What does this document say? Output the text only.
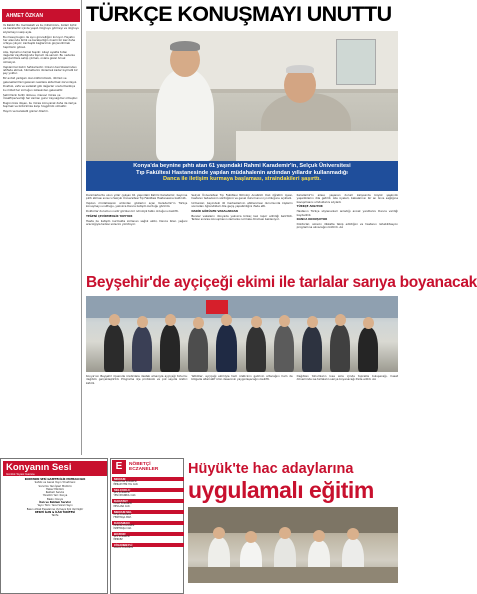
AHMET ÖZKAN

Ya Rabbi! Bu memleketi ve bu milleti koru, bizleri birlik ve beraberlik içinde yaşat. Doğruyu görmeyi ve doğruyu söylemeyi nasip eyle.

Bu mesaj bugün de aynı güncelliğini koruyor. Hayatın her alanında birlik ve beraberliğin önemi bir kez daha ortaya çıkıyor; kardeşlik bağlarımızı güçlendirmek hepimizin görevi.

Aile, toplumun temel taşıdır. Aileyi ayakta tutan değerler zayıfladığında toplum da sarsılır. Bu nedenle gençlerimize sahip çıkmalı, onlara güzel örnek olmalıyız.

Yaşlılarımız bizim hafızamızdır. Onların tecrübelerinden istifade etmek, hikmetlerini dinlemek kadar kıymetli bir şey yoktur.

Bir ecdat yadigarı olan kültürümüzü, dilimizi ve geleneklerimizi gelecek nesillere aktarmak zorundayız.

Dostluk, vefa ve sadakat gibi değerler unutulmadıkça bu millet her zorluğun üstesinden gelecektir.

Şehrimizin tarihi dokusu, manevi mirası ve misafirperverliği her zaman gurur kaynağımız olmuştur.

Bugün bize düşen, bu mirası koruyarak daha da ileriye taşımak ve birbirimize karşı hoşgörülü olmaktır.

Hayırlı ve bereketli günler dilerim.

TÜRKÇE KONUŞMAYI UNUTTU
Konya'da beynine pıhtı atan 61 yaşındaki Rahmi Karademir'in, Selçuk Üniversitesi
Tıp Fakültesi Hastanesinde yapılan müdahalenin ardından yıllardır kullanmadığı
Danca ile iletişim kurmaya başlaması, straindakileri şaşırttı.

Danimarka'da uzun yıllar çalışan 61 yaşındaki Rahmi Karademir, beynine pıhtı atması sonucu Selçuk Üniversitesi Tıp Fakültesi Hastanesine kaldırıldı.

Yapılan müdahalenin ardından gözlerini açan Karademir'in Türkçe konuşmayı unuttuğu, yalnızca Danca iletişim kurduğu görüldü.

Doktorlar durumun nadir görülen bir nörolojik tablo olduğunu belirtti.

YEĞENİ ÇEVİRMENLİK YAPIYOR

Hasta ile iletişim kurmakta zorlanan sağlık ekibi, Danca bilen yeğeni aracılığıyla tedavi sürecini yürütüyor.

Selçuk Üniversitesi Tıp Fakültesi Nöroloji Anabilim Dalı öğretim üyesi, hastanın tedavisinin sürdüğünü ve genel durumunun iyi olduğunu açıkladı.

Uzmanlar, beyindeki dil merkezlerinin etkilenmesi durumunda kişilerin sonradan öğrendikleri dile geçiş yapabildiğini ifade etti.

NADİR GÖRÜLEN VAKALARDAN

Benzer vakaların dünyada yalnızca birkaç kez rapor edildiği belirtildi. Tedavi sonrası konuşmanın zamanla normale dönmesi bekleniyor.

Karademir'in ailesi, yaşanan durum karşısında büyük şaşkınlık yaşadıklarını dile getirdi. Aile üyeleri, babalarının bir an önce sağlığına kavuşmasını umduklarını söyledi.

TÜRKÇE ANLIYOR

Hastanın Türkçe söylenenleri anladığı ancak yanıtlarını Danca verdiği kaydedildi.

DANCA KONUŞUYOR

Doktorlar, sürecin dikkatle takip edildiğini ve hastanın rehabilitasyon programına alınacağını bildirdi. AA

Beyşehir'de ayçiçeği ekimi ile tarlalar sarıya boyanacak

Konya'nın Beyşehir ilçesinde üreticilere destek amacıyla ayçiçeği tohumu dağıtımı gerçekleştirildi. Programa ilçe protokolü ve çok sayıda üretici katıldı.

Yetkililer, ayçiçeği ekimiyle hem üreticinin gelirinin artacağını hem de bölgede alternatif ürün deseninin yaygınlaşacağını belirtti.

Dağıtılan tohumların kısa süre içinde toprakla buluşacağı, hasat döneminde ise tarlaların sarıya boyanacağı ifade edildi. AA

Konyanın Sesi
Günlük Siyasi Gazete
KONYANIN SESİ GAZETECİLİK MATBAACILIK
Sahibi ve Genel Yayın Yönetmeni
Sorumlu Yazı İşleri Müdürü
Haber Müdürü
Reklam Servisi
Yönetim Yeri: Konya
Baskı: Konya
İlan ve Reklam Servisi
Yayın Türü: Yerel Süreli Yayın
Basın Ahlak Esaslarına Uymaya Söz Vermiştir
RESMİ İLAN & İLAN TARİFESİ
Tarife
E	NÖBETÇİ
ECZANELER
MERAM
ÇAĞLAYAN ECZANESİ
MERAM YENİ YOL CAD.
SELÇUKLU
ŞİFA ECZANESİ
YENİ İSTANBUL CAD.
KARATAY
HAYAT ECZANESİ
MEVLANA CAD.
MERAM SEL
DEVA ECZANESİ
FERİTPAŞA MAH.
KARAMAN
MERKEZ ECZANESİ
İSMETPAŞA CAD.
BOZKIR
ŞİFA ECZANESİ
MERKEZ
CİHANBEYLİ
SAĞLIK ECZANESİ
Hüyük'te hac adaylarına
uygulamalı eğitim
